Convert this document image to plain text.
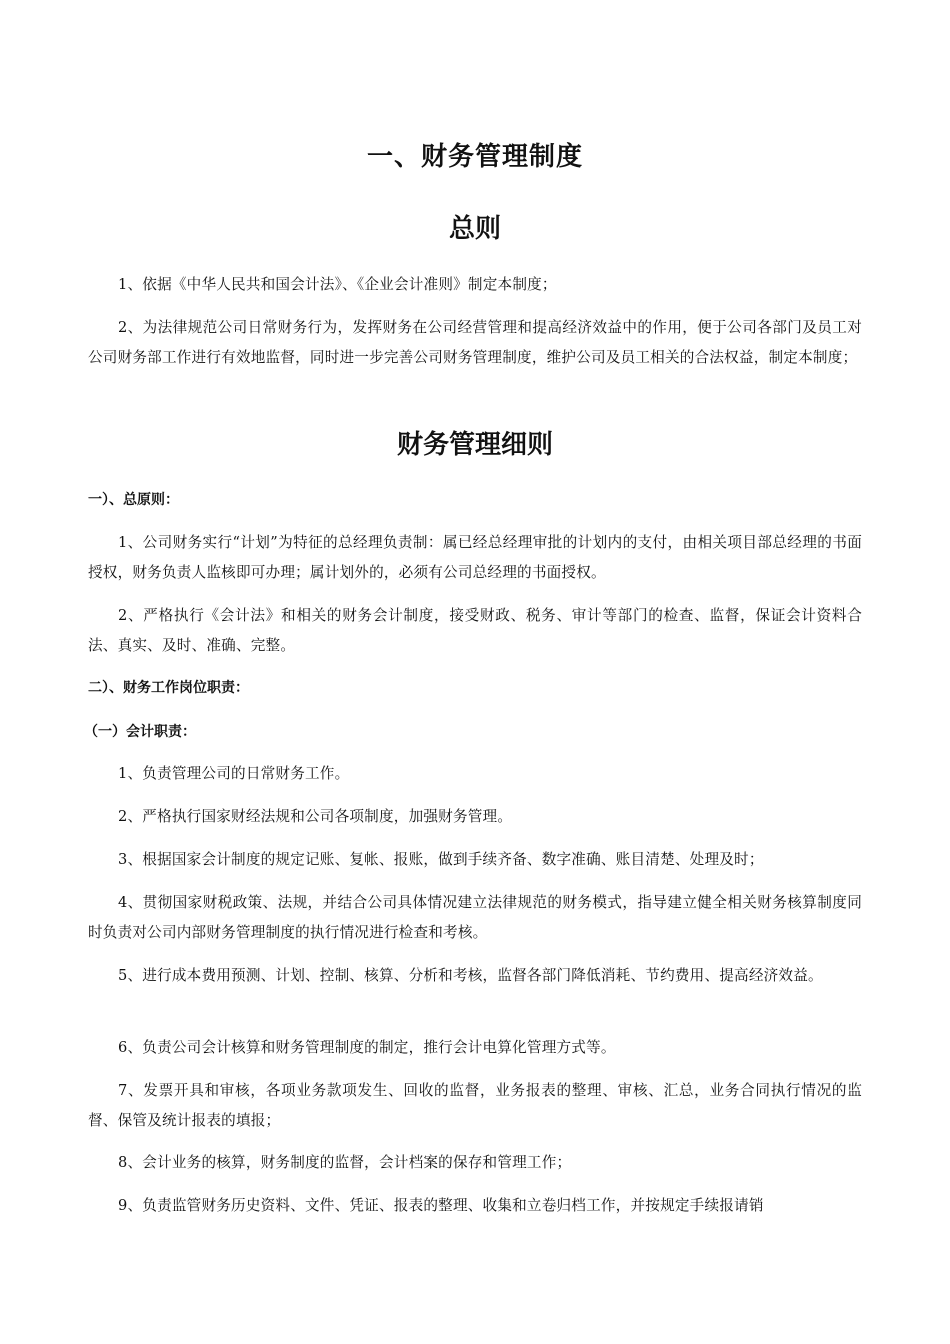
一、财务管理制度
总则

1、依据《中华人民共和国会计法》、《企业会计准则》制定本制度；

2、为法律规范公司日常财务行为，发挥财务在公司经营管理和提高经济效益中的作用，便于公司各部门及员工对公司财务部工作进行有效地监督，同时进一步完善公司财务管理制度，维护公司及员工相关的合法权益，制定本制度；

财务管理细则
一）、总原则：

1、公司财务实行“计划”为特征的总经理负责制：属已经总经理审批的计划内的支付，由相关项目部总经理的书面授权，财务负责人监核即可办理；属计划外的，必须有公司总经理的书面授权。

2、严格执行《会计法》和相关的财务会计制度，接受财政、税务、审计等部门的检查、监督，保证会计资料合法、真实、及时、准确、完整。

二）、财务工作岗位职责：
（一）会计职责：

1、负责管理公司的日常财务工作。

2、严格执行国家财经法规和公司各项制度，加强财务管理。

3、根据国家会计制度的规定记账、复帐、报账，做到手续齐备、数字准确、账目清楚、处理及时；

4、贯彻国家财税政策、法规，并结合公司具体情况建立法律规范的财务模式，指导建立健全相关财务核算制度同时负责对公司内部财务管理制度的执行情况进行检查和考核。

5、进行成本费用预测、计划、控制、核算、分析和考核，监督各部门降低消耗、节约费用、提高经济效益。

6、负责公司会计核算和财务管理制度的制定，推行会计电算化管理方式等。

7、发票开具和审核，各项业务款项发生、回收的监督，业务报表的整理、审核、汇总，业务合同执行情况的监督、保管及统计报表的填报；

8、会计业务的核算，财务制度的监督，会计档案的保存和管理工作；

9、负责监管财务历史资料、文件、凭证、报表的整理、收集和立卷归档工作，并按规定手续报请销
